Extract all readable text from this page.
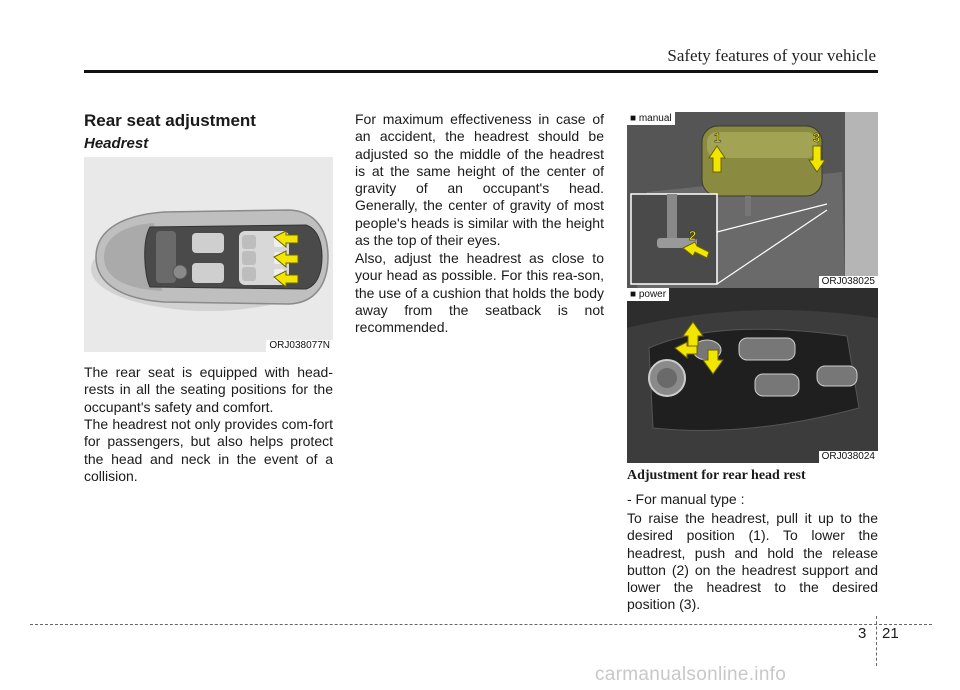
Safety features of your vehicle
Rear seat adjustment
Headrest
ORJ038077N
The rear seat is equipped with head-rests in all the seating positions for the occupant's safety and comfort.
The headrest not only provides com-fort for passengers, but also helps protect the head and neck in the event of a collision.
For maximum effectiveness in case of an accident, the headrest should be adjusted so the middle of the headrest is at the same height of the center of gravity of an occupant's head. Generally, the center of gravity of most people's heads is similar with the height as the top of their eyes.
Also, adjust the headrest as close to your head as possible. For this rea-son, the use of a cushion that holds the body away from the seatback is not recommended.
1	3
2
■ manual
ORJ038025
■ power
ORJ038024
Adjustment for rear head rest
- For manual type :
To raise the headrest, pull it up to the desired position (1). To lower the headrest, push and hold the release button (2) on the headrest support and lower the headrest to the desired position (3).
3 21
carmanualsonline.info
